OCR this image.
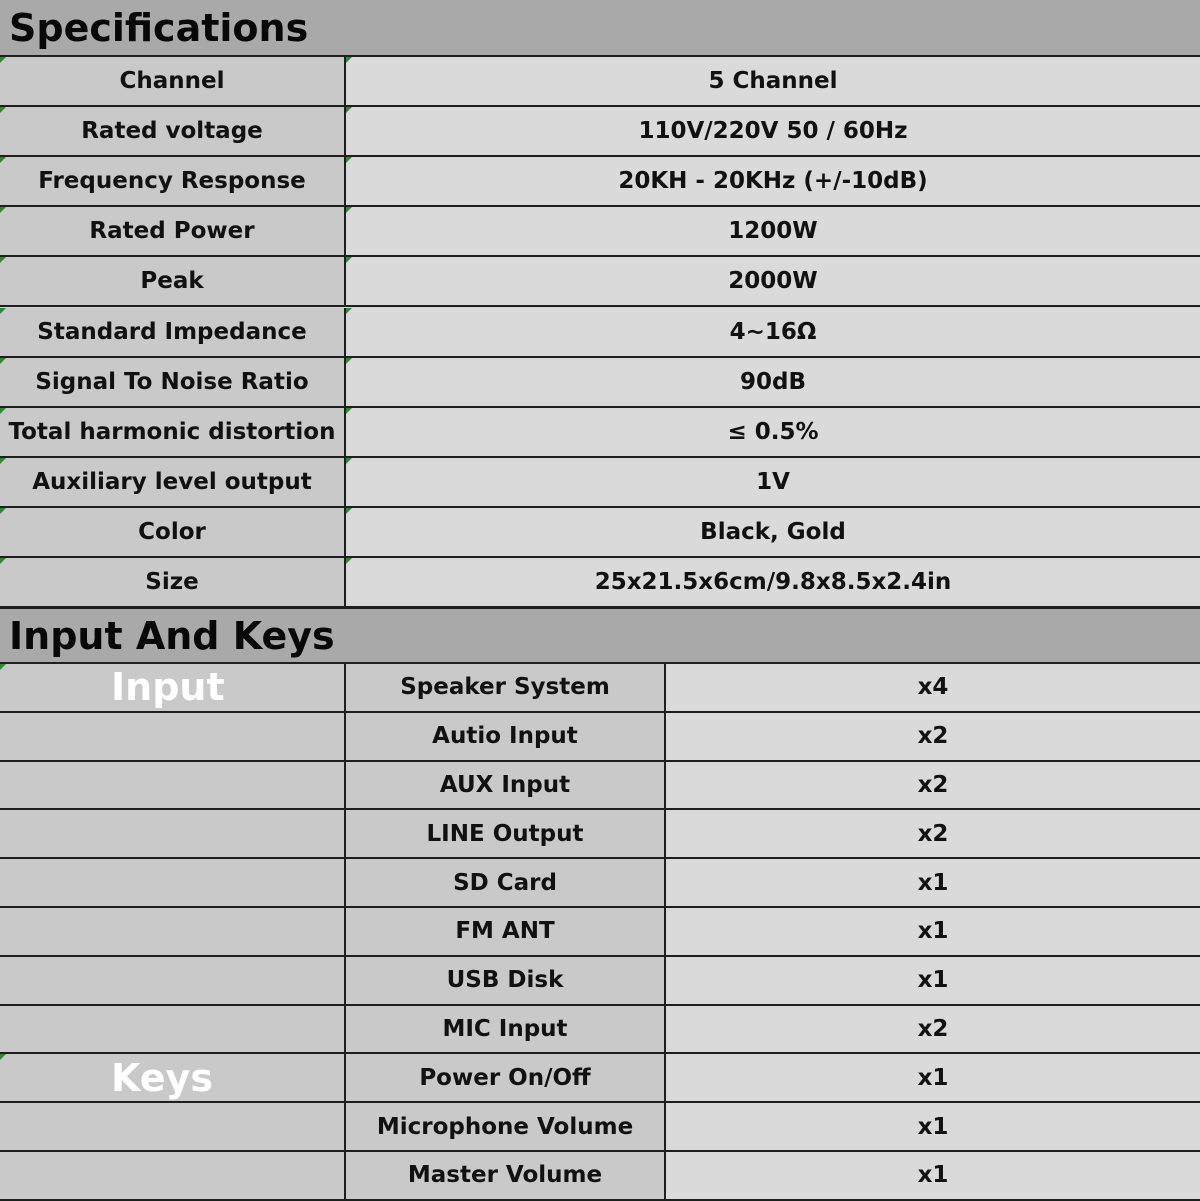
Specifications
Channel	5 Channel
Rated voltage	110V/220V 50 / 60Hz
Frequency Response	20KH - 20KHz (+/-10dB)
Rated Power	1200W
Peak	2000W
Standard Impedance	4~16Ω
Signal To Noise Ratio	90dB
Total harmonic distortion	≤ 0.5%
Auxiliary level output	1V
Color	Black, Gold
Size	25x21.5x6cm/9.8x8.5x2.4in
Input And Keys
Input	Speaker System	x4
Autio Input	x2
AUX Input	x2
LINE Output	x2
SD Card	x1
FM ANT	x1
USB Disk	x1
MIC Input	x2
Keys	Power On/Off	x1
Microphone Volume	x1
Master Volume	x1
